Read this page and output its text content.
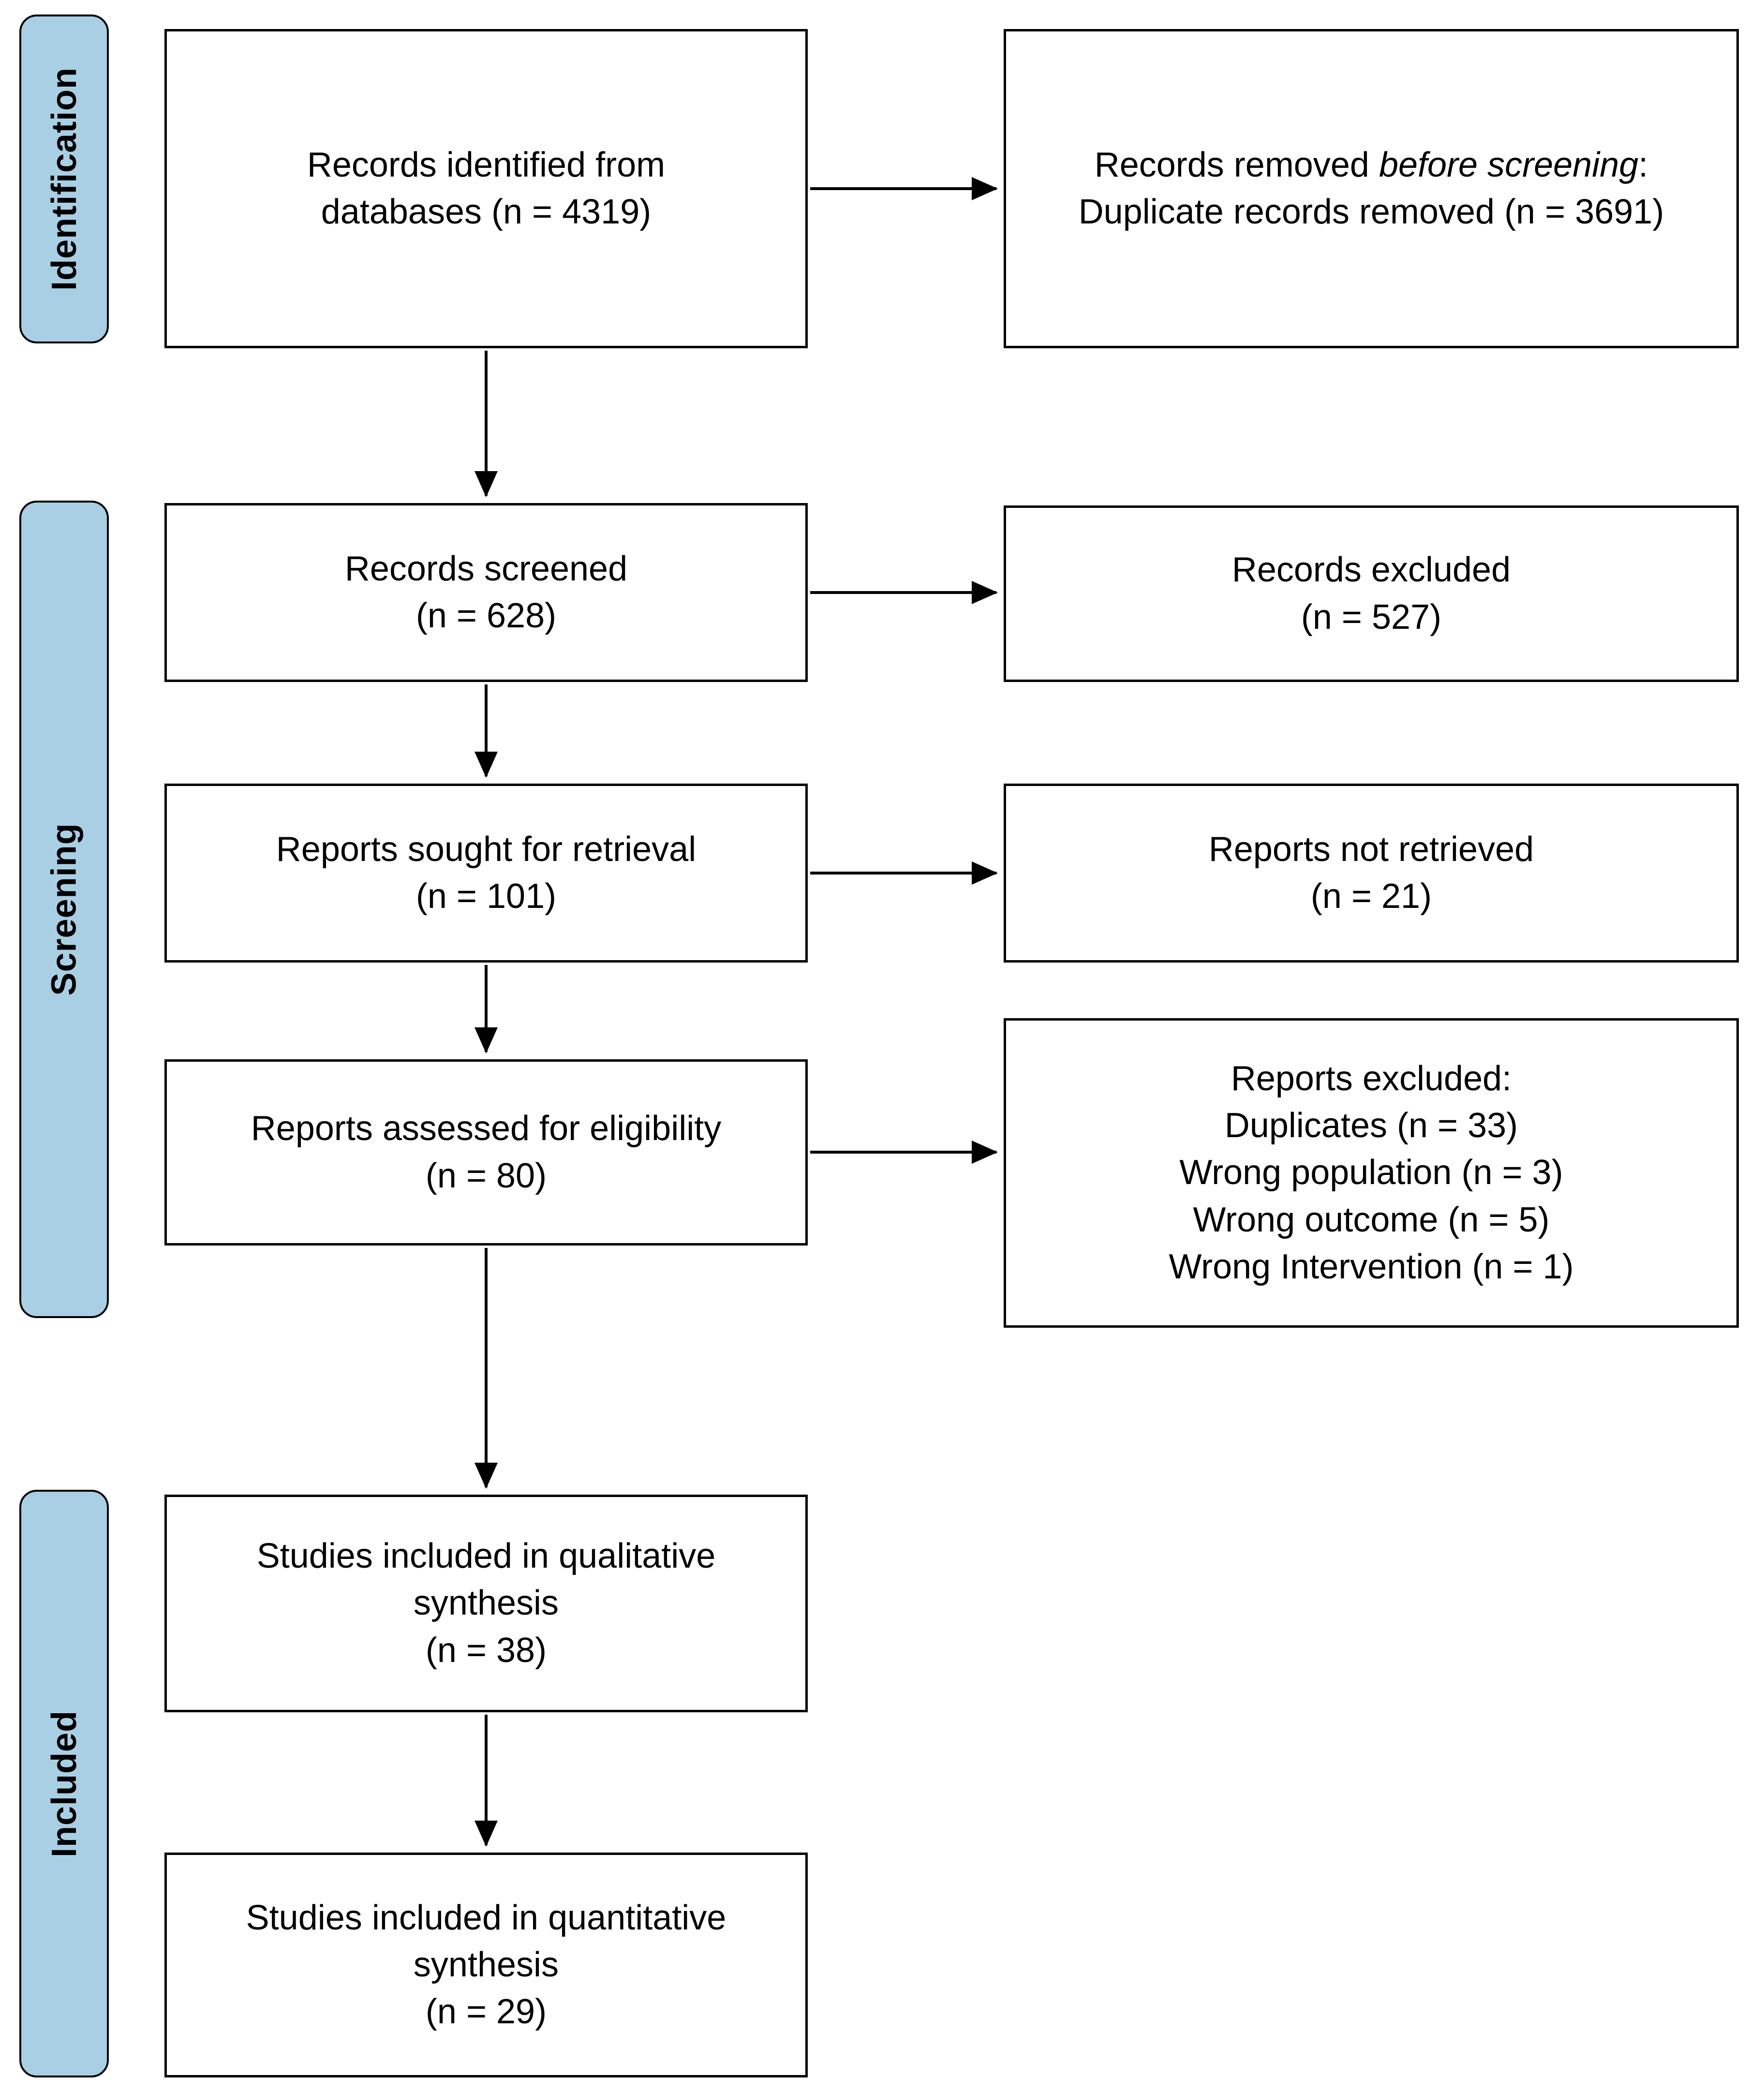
Identification
Screening
Included
Records identified from
databases (n = 4319)
Records screened
(n = 628)
Reports sought for retrieval
(n = 101)
Reports assessed for eligibility
(n = 80)
Studies included in qualitative
synthesis
(n = 38)
Studies included in quantitative
synthesis
(n = 29)
Records removed before screening:
Duplicate records removed (n = 3691)
Records excluded
(n = 527)
Reports not retrieved
(n = 21)
Reports excluded:
Duplicates (n = 33)
Wrong population (n = 3)
Wrong outcome (n = 5)
Wrong Intervention (n = 1)
